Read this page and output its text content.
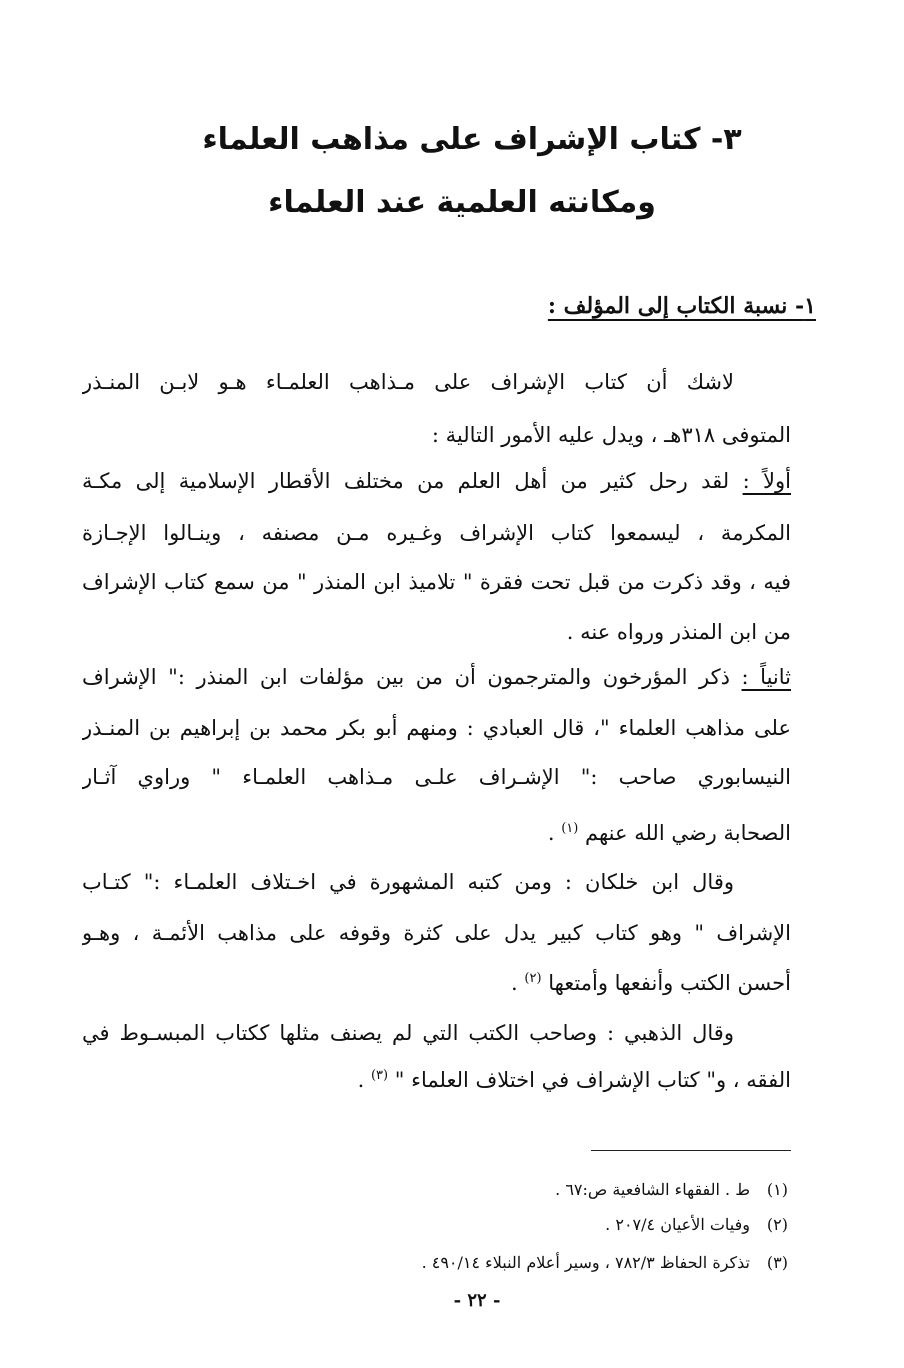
٣- كتاب الإشراف على مذاهب العلماء
ومكانته العلمية عند العلماء
١- نسبة الكتاب إلى المؤلف :
لاشك أن كتاب الإشراف على مـذاهب العلمـاء هـو لابـن المنـذر
المتوفى ٣١٨هـ ، ويدل عليه الأمور التالية :
أولاً : لقد رحل كثير من أهل العلم من مختلف الأقطار الإسلامية إلى مكـة
المكرمة ، ليسمعوا كتاب الإشراف وغـيره مـن مصنفه ، وينـالوا الإجـازة
فيه ، وقد ذكرت من قبل تحت فقرة " تلاميذ ابن المنذر " من سمع كتاب الإشراف
من ابن المنذر ورواه عنه .
ثانياً : ذكر المؤرخون والمترجمون أن من بين مؤلفات ابن المنذر :" الإشراف
على مذاهب العلماء "، قال العبادي : ومنهم أبو بكر محمد بن إبراهيم بن المنـذر
النيسابوري صاحب :" الإشـراف علـى مـذاهب العلمـاء " وراوي آثـار
الصحابة رضي الله عنهم $^{(١)}$ .
وقال ابن خلكان : ومن كتبه المشهورة في اخـتلاف العلمـاء :" كتـاب
الإشراف " وهو كتاب كبير يدل على كثرة وقوفه على مذاهب الأئمـة ، وهـو
أحسن الكتب وأنفعها وأمتعها $^{(٢)}$ .
وقال الذهبي : وصاحب الكتب التي لم يصنف مثلها ككتاب المبسـوط في
الفقه ، و" كتاب الإشراف في اختلاف العلماء " $^{(٣)}$ .
(١)ط . الفقهاء الشافعية ص:٦٧ .
(٢)وفيات الأعيان ٢٠٧/٤ .
(٣)تذكرة الحفاظ ٧٨٢/٣ ، وسير أعلام النبلاء ٤٩٠/١٤ .
- ٢٢ -
